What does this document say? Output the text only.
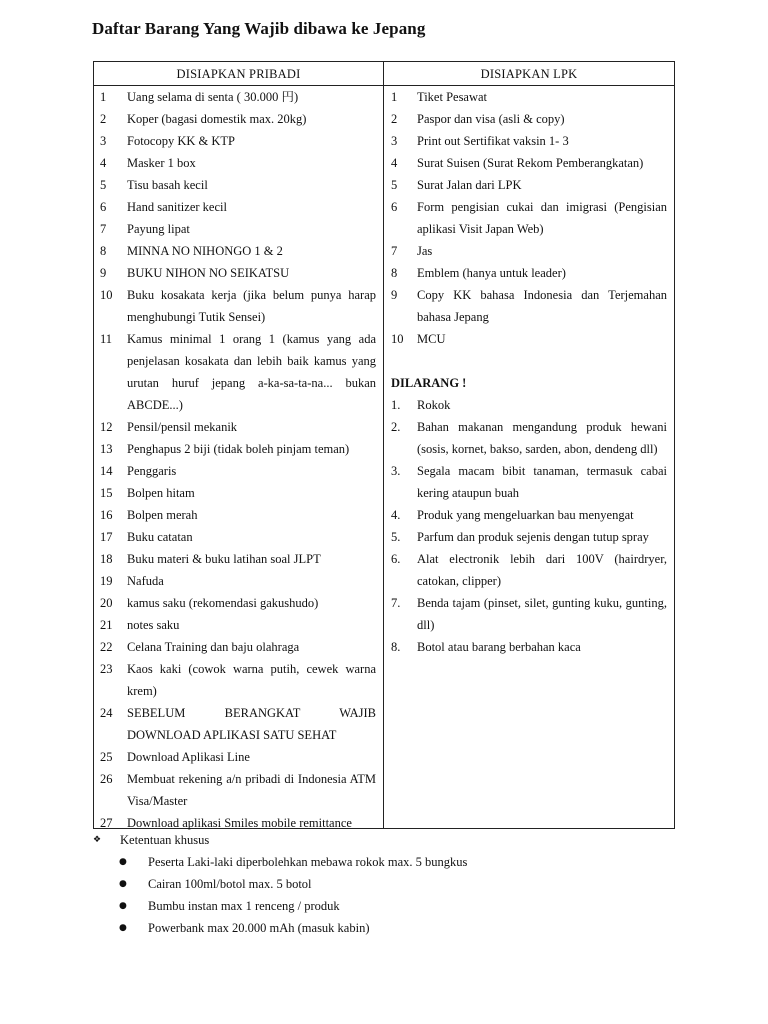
Daftar Barang Yang Wajib dibawa ke Jepang
DISIAPKAN PRIBADI	DISIAPKAN LPK
1	Uang selama di senta ( 30.000 円)
2	Koper (bagasi domestik max. 20kg)
3	Fotocopy KK & KTP
4	Masker 1 box
5	Tisu basah kecil
6	Hand sanitizer kecil
7	Payung lipat
8	MINNA NO NIHONGO 1 & 2
9	BUKU NIHON NO SEIKATSU
10	Buku kosakata kerja (jika belum punya harap menghubungi Tutik Sensei)
11	Kamus minimal 1 orang 1 (kamus yang ada penjelasan kosakata dan lebih baik kamus yang urutan huruf jepang a-ka-sa-ta-na... bukan ABCDE...)
12	Pensil/pensil mekanik
13	Penghapus 2 biji (tidak boleh pinjam teman)
14	Penggaris
15	Bolpen hitam
16	Bolpen merah
17	Buku catatan
18	Buku materi & buku latihan soal JLPT
19	Nafuda
20	kamus saku (rekomendasi gakushudo)
21	notes saku
22	Celana Training dan baju olahraga
23	Kaos kaki (cowok warna putih, cewek warna krem)
24	SEBELUM BERANGKAT WAJIB DOWNLOAD APLIKASI SATU SEHAT
25	Download Aplikasi Line
26	Membuat rekening a/n pribadi di Indonesia ATM Visa/Master
27	Download aplikasi Smiles mobile remittance
1	Tiket Pesawat
2	Paspor dan visa (asli & copy)
3	Print out Sertifikat vaksin 1- 3
4	Surat Suisen (Surat Rekom Pemberangkatan)
5	Surat Jalan dari LPK
6	Form pengisian cukai dan imigrasi (Pengisian aplikasi Visit Japan Web)
7	Jas
8	Emblem (hanya untuk leader)
9	Copy KK bahasa Indonesia dan Terjemahan bahasa Jepang
10	MCU
DILARANG !
1.	Rokok
2.	Bahan makanan mengandung produk hewani (sosis, kornet, bakso, sarden, abon, dendeng dll)
3.	Segala macam bibit tanaman, termasuk cabai kering ataupun buah
4.	Produk yang mengeluarkan bau menyengat
5.	Parfum dan produk sejenis dengan tutup spray
6.	Alat electronik lebih dari 100V (hairdryer, catokan, clipper)
7.	Benda tajam (pinset, silet, gunting kuku, gunting, dll)
8.	Botol atau barang berbahan kaca
❖	Ketentuan khusus
●	Peserta Laki-laki diperbolehkan mebawa rokok max. 5 bungkus
●	Cairan 100ml/botol max. 5 botol
●	Bumbu instan max 1 renceng / produk
●	Powerbank max 20.000 mAh (masuk kabin)
